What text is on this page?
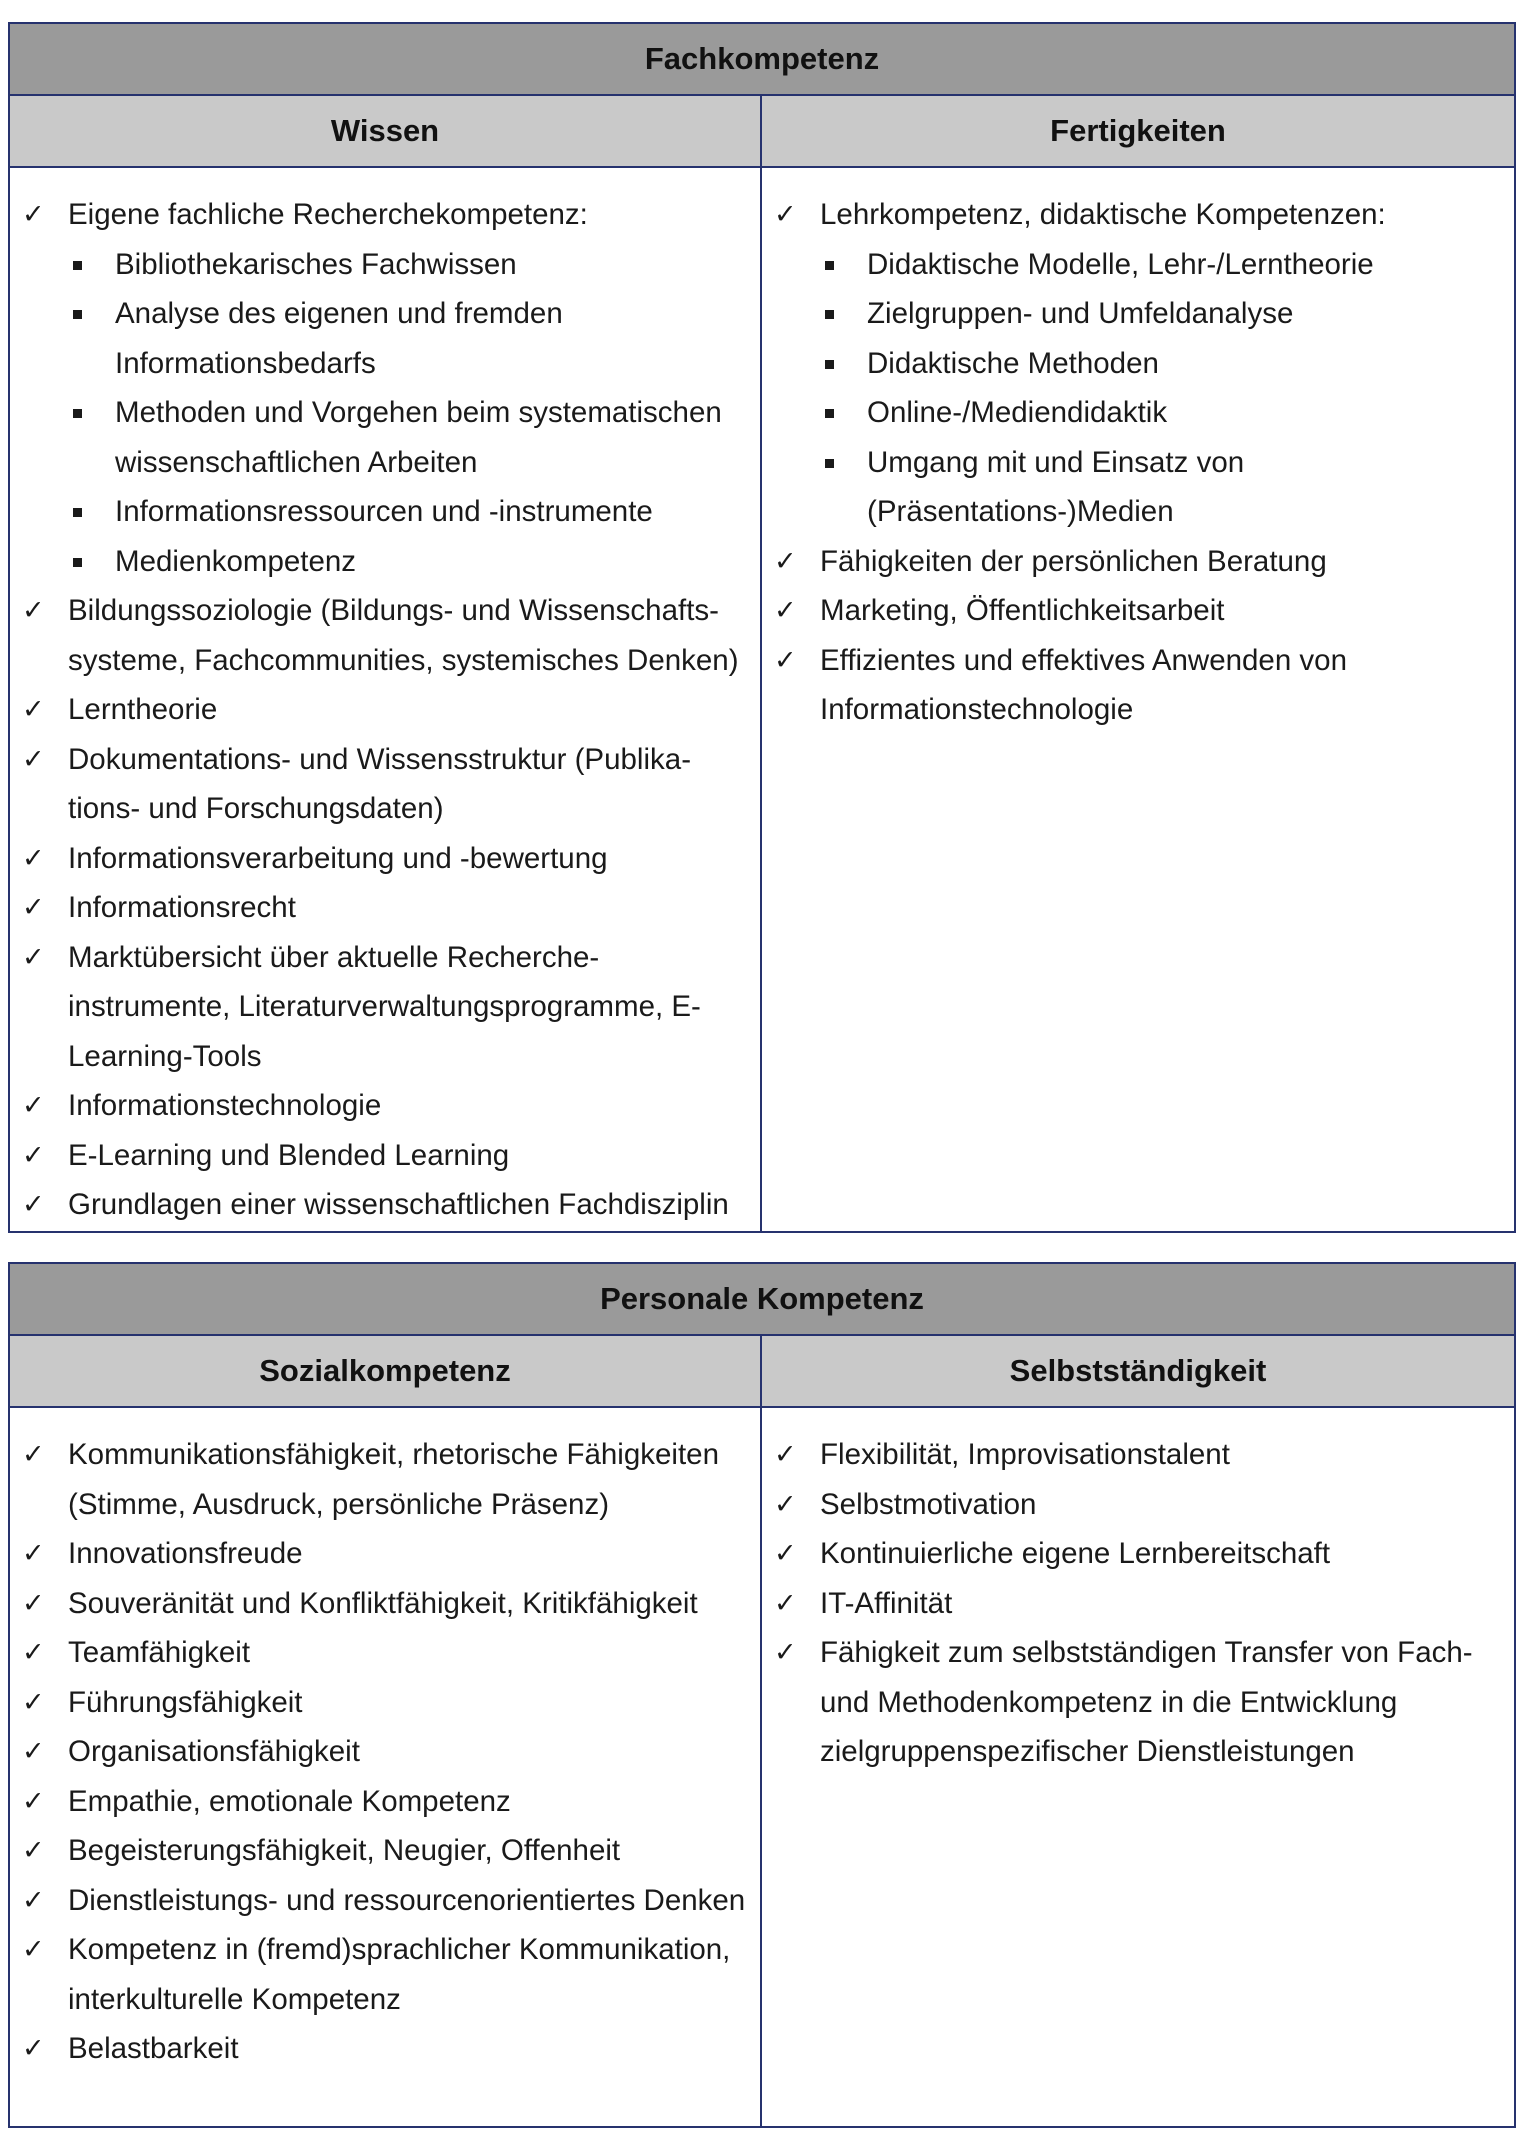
Fachkompetenz
Wissen	Fertigkeiten
✓ Eigene fachliche Recherchekompetenz:
Bibliothekarisches Fachwissen
Analyse des eigenen und fremden Informationsbedarfs
Methoden und Vorgehen beim systematischen wissenschaftlichen Arbeiten
Informationsressourcen und -instrumente
Medienkompetenz
✓ Bildungssoziologie (Bildungs- und Wissenschafts-systeme, Fachcommunities, systemisches Denken)
✓ Lerntheorie
✓ Dokumentations- und Wissensstruktur (Publika-tions- und Forschungsdaten)
✓ Informationsverarbeitung und -bewertung
✓ Informationsrecht
✓ Marktübersicht über aktuelle Recherche-instrumente, Literaturverwaltungsprogramme, E-Learning-Tools
✓ Informationstechnologie
✓ E-Learning und Blended Learning
✓ Grundlagen einer wissenschaftlichen Fachdisziplin
✓ Lehrkompetenz, didaktische Kompetenzen:
Didaktische Modelle, Lehr-/Lerntheorie
Zielgruppen- und Umfeldanalyse
Didaktische Methoden
Online-/Mediendidaktik
Umgang mit und Einsatz von (Präsentations-)Medien
✓ Fähigkeiten der persönlichen Beratung
✓ Marketing, Öffentlichkeitsarbeit
✓ Effizientes und effektives Anwenden von Informationstechnologie
Personale Kompetenz
Sozialkompetenz	Selbstständigkeit
✓ Kommunikationsfähigkeit, rhetorische Fähigkeiten (Stimme, Ausdruck, persönliche Präsenz)
✓ Innovationsfreude
✓ Souveränität und Konfliktfähigkeit, Kritikfähigkeit
✓ Teamfähigkeit
✓ Führungsfähigkeit
✓ Organisationsfähigkeit
✓ Empathie, emotionale Kompetenz
✓ Begeisterungsfähigkeit, Neugier, Offenheit
✓ Dienstleistungs- und ressourcenorientiertes Denken
✓ Kompetenz in (fremd)sprachlicher Kommunikation, interkulturelle Kompetenz
✓ Belastbarkeit
✓ Flexibilität, Improvisationstalent
✓ Selbstmotivation
✓ Kontinuierliche eigene Lernbereitschaft
✓ IT-Affinität
✓ Fähigkeit zum selbstständigen Transfer von Fach- und Methodenkompetenz in die Entwicklung zielgruppenspezifischer Dienstleistungen
